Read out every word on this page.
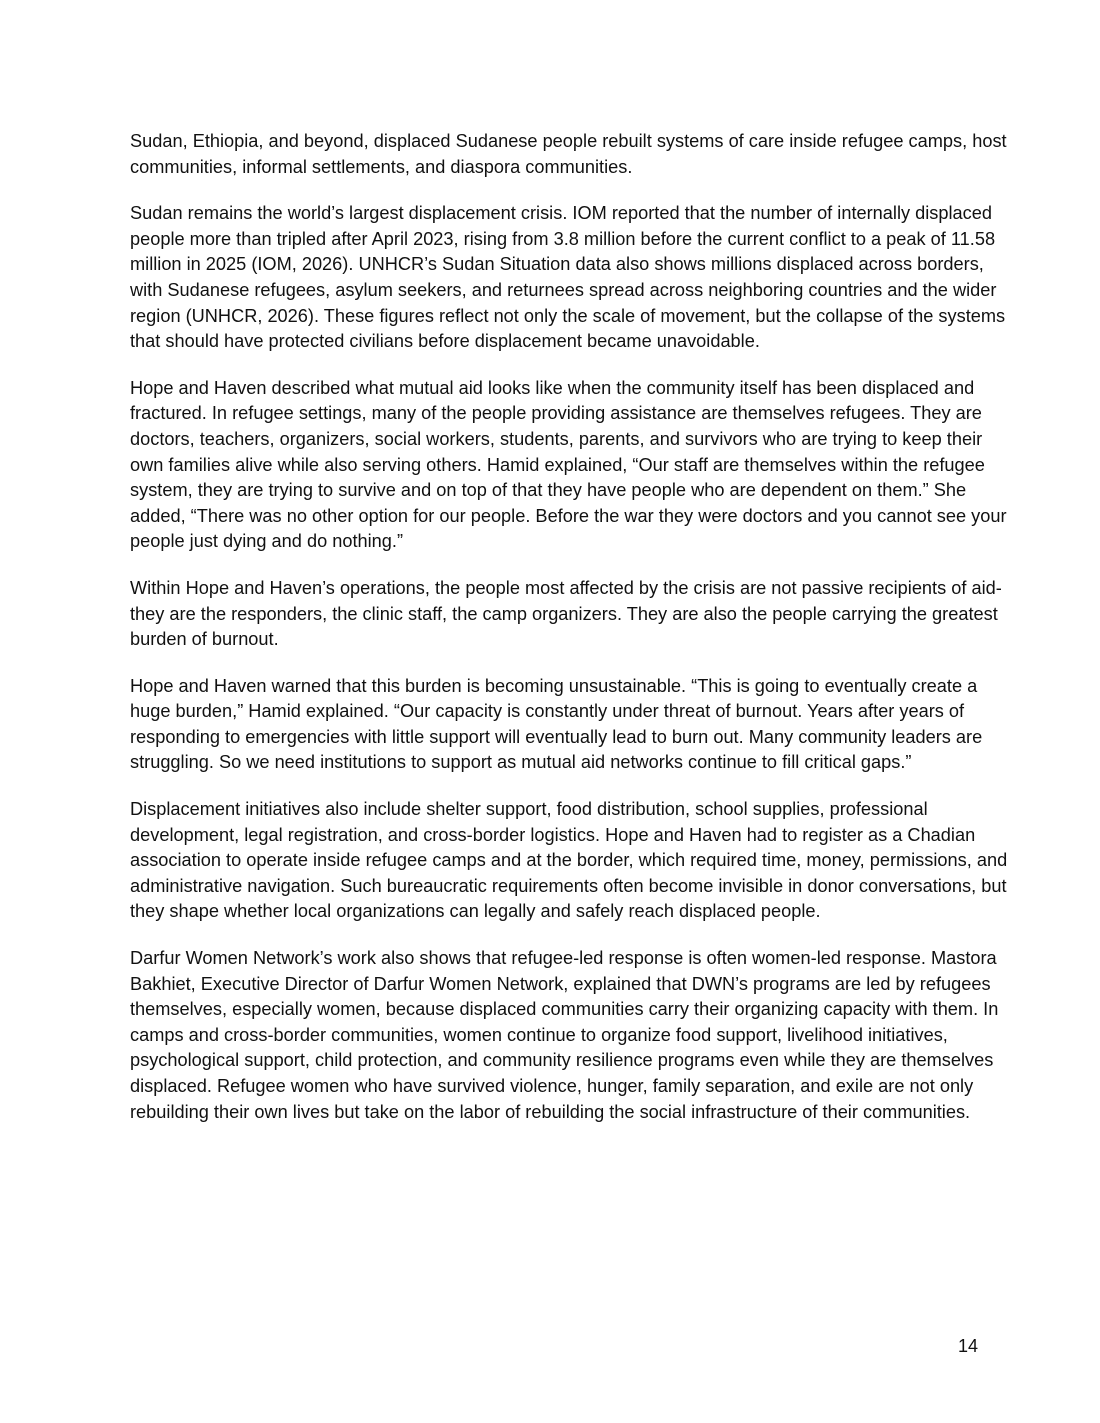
Sudan, Ethiopia, and beyond, displaced Sudanese people rebuilt systems of care inside refugee camps, host communities, informal settlements, and diaspora communities.

Sudan remains the world’s largest displacement crisis. IOM reported that the number of internally displaced people more than tripled after April 2023, rising from 3.8 million before the current conflict to a peak of 11.58 million in 2025 (IOM, 2026). UNHCR’s Sudan Situation data also shows millions displaced across borders, with Sudanese refugees, asylum seekers, and returnees spread across neighboring countries and the wider region (UNHCR, 2026). These figures reflect not only the scale of movement, but the collapse of the systems that should have protected civilians before displacement became unavoidable.

Hope and Haven described what mutual aid looks like when the community itself has been displaced and fractured. In refugee settings, many of the people providing assistance are themselves refugees. They are doctors, teachers, organizers, social workers, students, parents, and survivors who are trying to keep their own families alive while also serving others. Hamid explained, “Our staff are themselves within the refugee system, they are trying to survive and on top of that they have people who are dependent on them.” She added, “There was no other option for our people. Before the war they were doctors and you cannot see your people just dying and do nothing.”

Within Hope and Haven’s operations, the people most affected by the crisis are not passive recipients of aid- they are the responders, the clinic staff, the camp organizers. They are also the people carrying the greatest burden of burnout.

Hope and Haven warned that this burden is becoming unsustainable. “This is going to eventually create a huge burden,” Hamid explained. “Our capacity is constantly under threat of burnout. Years after years of responding to emergencies with little support will eventually lead to burn out. Many community leaders are struggling. So we need institutions to support as mutual aid networks continue to fill critical gaps.”

Displacement initiatives also include shelter support, food distribution, school supplies, professional development, legal registration, and cross-border logistics. Hope and Haven had to register as a Chadian association to operate inside refugee camps and at the border, which required time, money, permissions, and administrative navigation. Such bureaucratic requirements often become invisible in donor conversations, but they shape whether local organizations can legally and safely reach displaced people.

Darfur Women Network’s work also shows that refugee-led response is often women-led response. Mastora Bakhiet, Executive Director of Darfur Women Network, explained that DWN’s programs are led by refugees themselves, especially women, because displaced communities carry their organizing capacity with them. In camps and cross-border communities, women continue to organize food support, livelihood initiatives, psychological support, child protection, and community resilience programs even while they are themselves displaced. Refugee women who have survived violence, hunger, family separation, and exile are not only rebuilding their own lives but take on the labor of rebuilding the social infrastructure of their communities.

14
